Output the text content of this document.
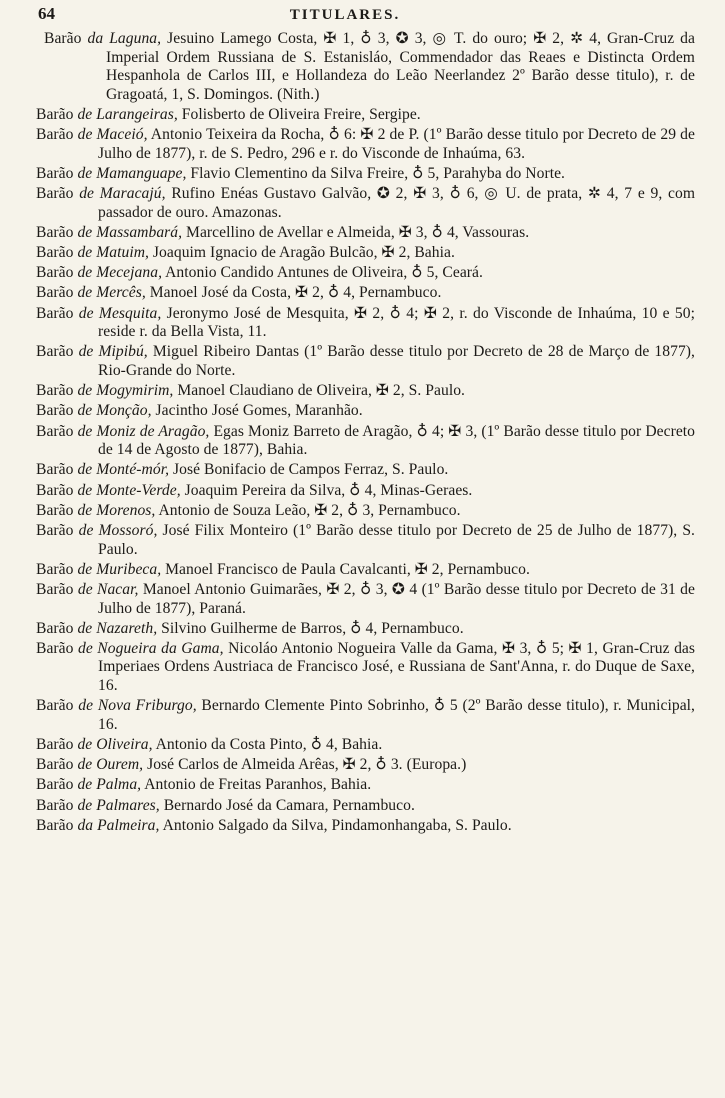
64	TITULARES.

Barão da Laguna, Jesuino Lamego Costa, ✠ 1, ♁ 3, ✪ 3, ◎ T. do ouro; ✠ 2, ✲ 4, Gran-Cruz da Imperial Ordem Russiana de S. Estanisláo, Commendador das Reaes e Distincta Ordem Hespanhola de Carlos III, e Hollandeza do Leão Neerlandez 2º Barão desse titulo), r. de Gragoatá, 1, S. Domingos. (Nith.)

Barão de Larangeiras, Folisberto de Oliveira Freire, Sergipe.

Barão de Maceió, Antonio Teixeira da Rocha, ♁ 6: ✠ 2 de P. (1º Barão desse titulo por Decreto de 29 de Julho de 1877), r. de S. Pedro, 296 e r. do Visconde de Inhaúma, 63.

Barão de Mamanguape, Flavio Clementino da Silva Freire, ♁ 5, Parahyba do Norte.

Barão de Maracajú, Rufino Enéas Gustavo Galvão, ✪ 2, ✠ 3, ♁ 6, ◎ U. de prata, ✲ 4, 7 e 9, com passador de ouro. Amazonas.

Barão de Massambará, Marcellino de Avellar e Almeida, ✠ 3, ♁ 4, Vassouras.

Barão de Matuim, Joaquim Ignacio de Aragão Bulcão, ✠ 2, Bahia.

Barão de Mecejana, Antonio Candido Antunes de Oliveira, ♁ 5, Ceará.

Barão de Mercês, Manoel José da Costa, ✠ 2, ♁ 4, Pernambuco.

Barão de Mesquita, Jeronymo José de Mesquita, ✠ 2, ♁ 4; ✠ 2, r. do Visconde de Inhaúma, 10 e 50; reside r. da Bella Vista, 11.

Barão de Mipibú, Miguel Ribeiro Dantas (1º Barão desse titulo por Decreto de 28 de Março de 1877), Rio-Grande do Norte.

Barão de Mogymirim, Manoel Claudiano de Oliveira, ✠ 2, S. Paulo.

Barão de Monção, Jacintho José Gomes, Maranhão.

Barão de Moniz de Aragão, Egas Moniz Barreto de Aragão, ♁ 4; ✠ 3, (1º Barão desse titulo por Decreto de 14 de Agosto de 1877), Bahia.

Barão de Monté-mór, José Bonifacio de Campos Ferraz, S. Paulo.

Barão de Monte-Verde, Joaquim Pereira da Silva, ♁ 4, Minas-Geraes.

Barão de Morenos, Antonio de Souza Leão, ✠ 2, ♁ 3, Pernambuco.

Barão de Mossoró, José Filix Monteiro (1º Barão desse titulo por Decreto de 25 de Julho de 1877), S. Paulo.

Barão de Muribeca, Manoel Francisco de Paula Cavalcanti, ✠ 2, Pernambuco.

Barão de Nacar, Manoel Antonio Guimarães, ✠ 2, ♁ 3, ✪ 4 (1º Barão desse titulo por Decreto de 31 de Julho de 1877), Paraná.

Barão de Nazareth, Silvino Guilherme de Barros, ♁ 4, Pernambuco.

Barão de Nogueira da Gama, Nicoláo Antonio Nogueira Valle da Gama, ✠ 3, ♁ 5; ✠ 1, Gran-Cruz das Imperiaes Ordens Austriaca de Francisco José, e Russiana de Sant'Anna, r. do Duque de Saxe, 16.

Barão de Nova Friburgo, Bernardo Clemente Pinto Sobrinho, ♁ 5 (2º Barão desse titulo), r. Municipal, 16.

Barão de Oliveira, Antonio da Costa Pinto, ♁ 4, Bahia.

Barão de Ourem, José Carlos de Almeida Arêas, ✠ 2, ♁ 3. (Europa.)

Barão de Palma, Antonio de Freitas Paranhos, Bahia.

Barão de Palmares, Bernardo José da Camara, Pernambuco.

Barão da Palmeira, Antonio Salgado da Silva, Pindamonhangaba, S. Paulo.
